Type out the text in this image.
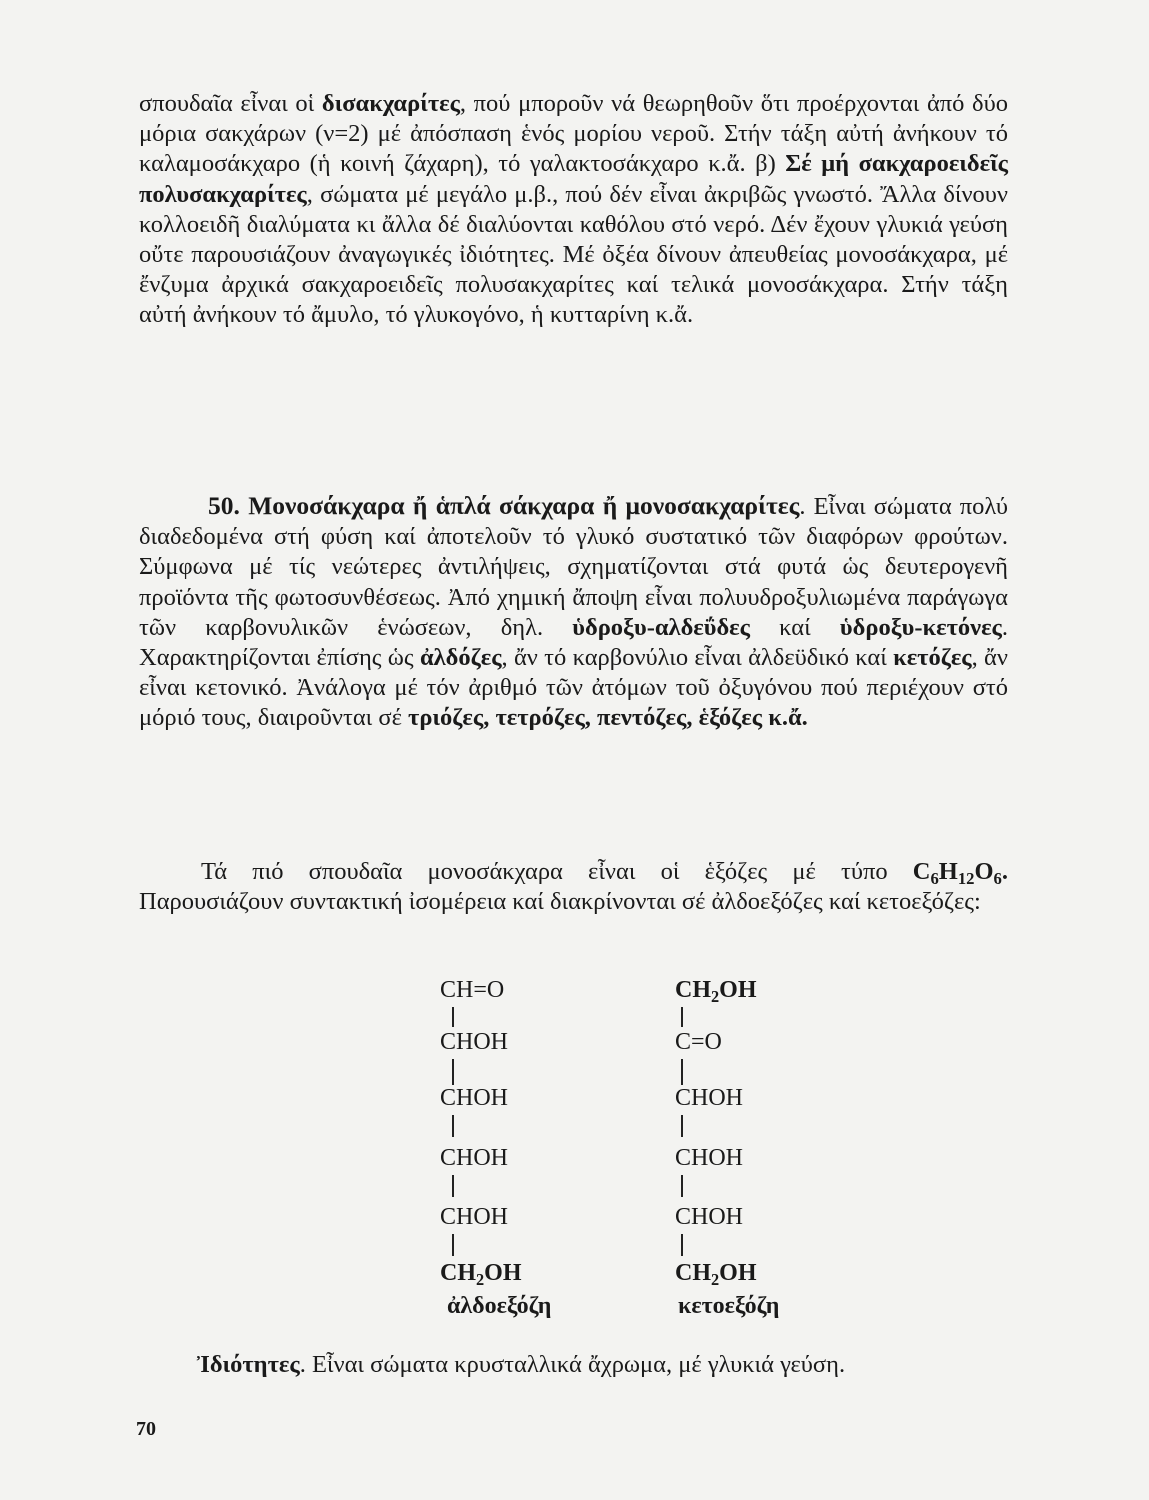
σπουδαῖα εἶναι οἱ δισακχαρίτες, πού μποροῦν νά θεωρηθοῦν ὅτι προέρχονται ἀπό δύο μόρια σακχάρων (ν=2) μέ ἀπόσπαση ἑνός μορίου νεροῦ. Στήν τάξη αὐτή ἀνήκουν τό καλαμοσάκχαρο (ἡ κοινή ζάχαρη), τό γαλακτοσάκχαρο κ.ἄ. β) Σέ μή σακχαροειδεῖς πολυσακχαρίτες, σώματα μέ μεγάλο μ.β., πού δέν εἶναι ἀκριβῶς γνωστό. Ἄλλα δίνουν κολλοειδῆ διαλύματα κι ἄλλα δέ διαλύονται καθόλου στό νερό. Δέν ἔχουν γλυκιά γεύση οὔτε παρουσιάζουν ἀναγωγικές ἰδιότητες. Μέ ὀξέα δίνουν ἀπευθείας μονοσάκχαρα, μέ ἔνζυμα ἀρχικά σακχαροειδεῖς πολυσακχαρίτες καί τελικά μονοσάκχαρα. Στήν τάξη αὐτή ἀνήκουν τό ἄμυλο, τό γλυκογόνο, ἡ κυτταρίνη κ.ἄ.

50. Μονοσάκχαρα ἤ ἁπλά σάκχαρα ἤ μονοσακχαρίτες. Εἶναι σώματα πολύ διαδεδομένα στή φύση καί ἀποτελοῦν τό γλυκό συστατικό τῶν διαφόρων φρούτων. Σύμφωνα μέ τίς νεώτερες ἀντιλήψεις, σχηματίζονται στά φυτά ὡς δευτερογενῆ προϊόντα τῆς φωτοσυνθέσεως. Ἀπό χημική ἄποψη εἶναι πολυυδροξυλιωμένα παράγωγα τῶν καρβονυλικῶν ἑνώσεων, δηλ. ὑδροξυ-αλδεΰδες καί ὑδροξυ-κετόνες. Χαρακτηρίζονται ἐπίσης ὡς ἀλδόζες, ἄν τό καρβονύλιο εἶναι ἀλδεϋδικό καί κετόζες, ἄν εἶναι κετονικό. Ἀνάλογα μέ τόν ἀριθμό τῶν ἀτόμων τοῦ ὀξυγόνου πού περιέχουν στό μόριό τους, διαιροῦνται σέ τριόζες, τετρόζες, πεντόζες, ἑξόζες κ.ἄ.

Τά πιό σπουδαῖα μονοσάκχαρα εἶναι οἱ ἑξόζες μέ τύπο $C_6H_{12}O_6$.
Παρουσιάζουν συντακτική ἰσομέρεια καί διακρίνονται σέ ἀλδοεξόζες καί κετοεξόζες:

CH=O
CHOH
CHOH
CHOH
CHOH
$CH_2OH$
$CH_2OH$
C=O
CHOH
CHOH
CHOH
$CH_2OH$
ἀλδοεξόζη	κετοεξόζη

Ἰδιότητες. Εἶναι σώματα κρυσταλλικά ἄχρωμα, μέ γλυκιά γεύση.

70
